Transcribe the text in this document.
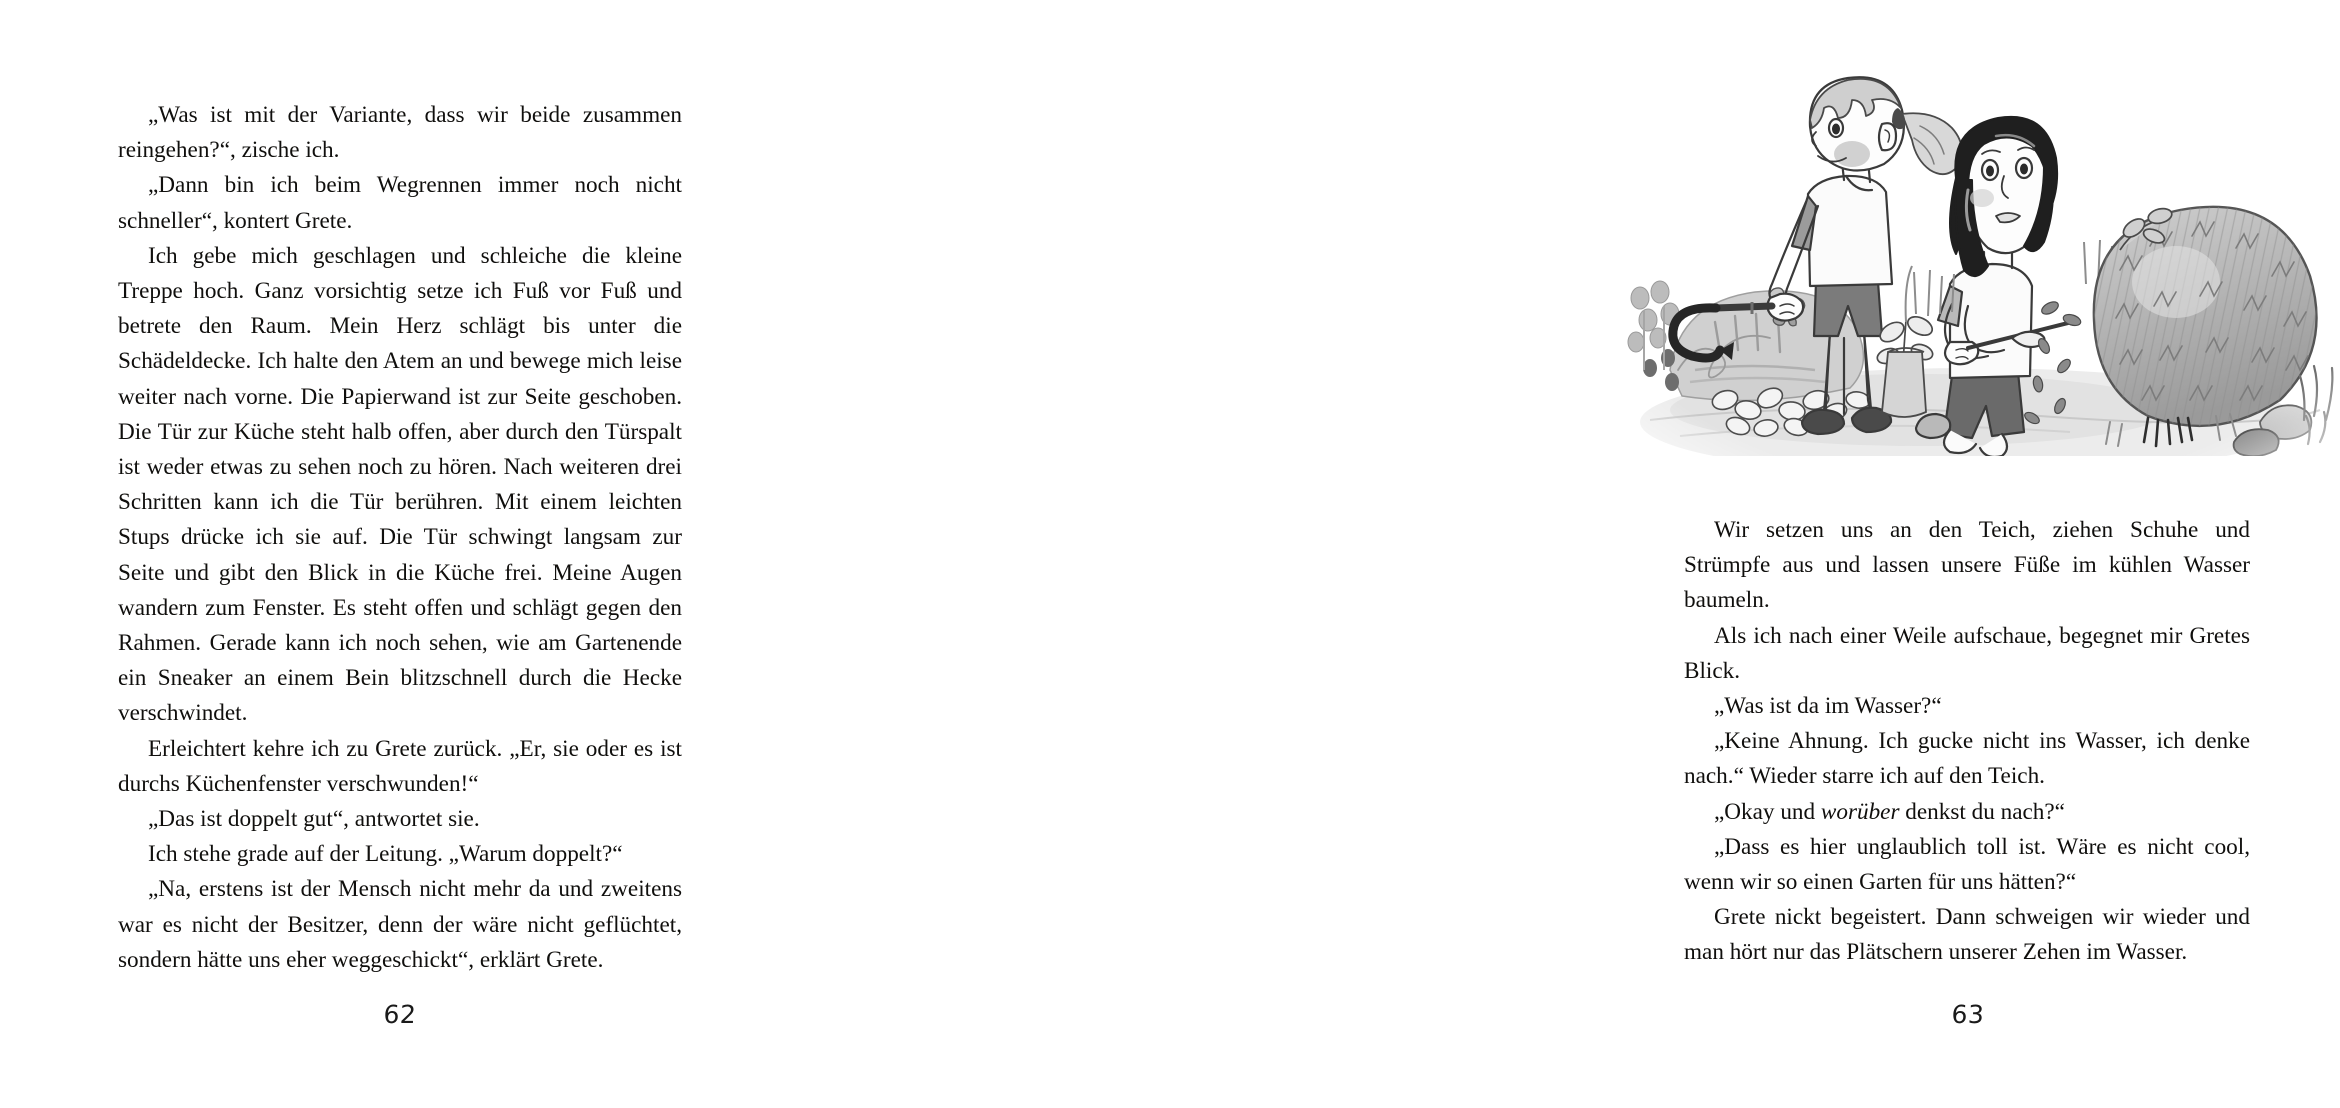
„Was ist mit der Variante, dass wir beide zusammen reingehen?“, zische ich.

„Dann bin ich beim Wegrennen immer noch nicht schneller“, kontert Grete.

Ich gebe mich geschlagen und schleiche die kleine Treppe hoch. Ganz vorsichtig setze ich Fuß vor Fuß und betrete den Raum. Mein Herz schlägt bis unter die Schädeldecke. Ich halte den Atem an und bewege mich leise weiter nach vorne. Die Papierwand ist zur Seite geschoben. Die Tür zur Küche steht halb offen, aber durch den Türspalt ist weder etwas zu sehen noch zu hören. Nach weiteren drei Schritten kann ich die Tür berühren. Mit einem leichten Stups drücke ich sie auf. Die Tür schwingt langsam zur Seite und gibt den Blick in die Küche frei. Meine Augen wandern zum Fenster. Es steht offen und schlägt gegen den Rahmen. Gerade kann ich noch sehen, wie am Gartenende ein Sneaker an einem Bein blitzschnell durch die Hecke verschwindet.

Erleichtert kehre ich zu Grete zurück. „Er, sie oder es ist durchs Küchenfenster verschwunden!“

„Das ist doppelt gut“, antwortet sie.

Ich stehe grade auf der Leitung. „Warum doppelt?“

„Na, erstens ist der Mensch nicht mehr da und zweitens war es nicht der Besitzer, denn der wäre nicht geflüchtet, sondern hätte uns eher weggeschickt“, erklärt Grete.

62

Wir setzen uns an den Teich, ziehen Schuhe und Strümpfe aus und lassen unsere Füße im kühlen Wasser baumeln.

Als ich nach einer Weile aufschaue, begegnet mir Gretes Blick.

„Was ist da im Wasser?“

„Keine Ahnung. Ich gucke nicht ins Wasser, ich denke nach.“ Wieder starre ich auf den Teich.

„Okay und worüber denkst du nach?“

„Dass es hier unglaublich toll ist. Wäre es nicht cool, wenn wir so einen Garten für uns hätten?“

Grete nickt begeistert. Dann schweigen wir wieder und man hört nur das Plätschern unserer Zehen im Wasser.

63
